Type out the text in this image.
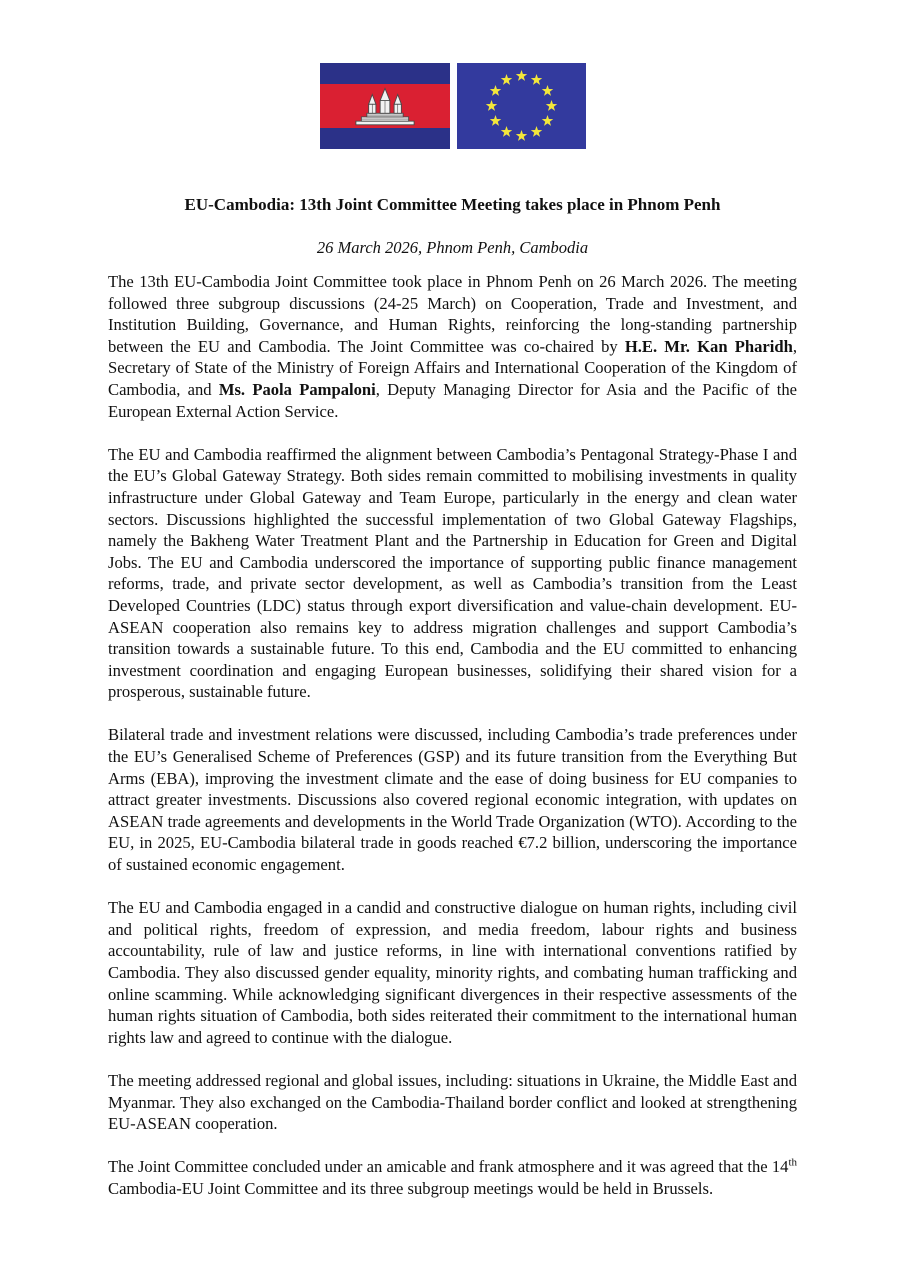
EU-Cambodia: 13th Joint Committee Meeting takes place in Phnom Penh
26 March 2026, Phnom Penh, Cambodia

The 13th EU-Cambodia Joint Committee took place in Phnom Penh on 26 March 2026. The meeting followed three subgroup discussions (24-25 March) on Cooperation, Trade and Investment, and Institution Building, Governance, and Human Rights, reinforcing the long-standing partnership between the EU and Cambodia. The Joint Committee was co-chaired by H.E. Mr. Kan Pharidh, Secretary of State of the Ministry of Foreign Affairs and International Cooperation of the Kingdom of Cambodia, and Ms. Paola Pampaloni, Deputy Managing Director for Asia and the Pacific of the European External Action Service.

The EU and Cambodia reaffirmed the alignment between Cambodia’s Pentagonal Strategy-Phase I and the EU’s Global Gateway Strategy. Both sides remain committed to mobilising investments in quality infrastructure under Global Gateway and Team Europe, particularly in the energy and clean water sectors. Discussions highlighted the successful implementation of two Global Gateway Flagships, namely the Bakheng Water Treatment Plant and the Partnership in Education for Green and Digital Jobs. The EU and Cambodia underscored the importance of supporting public finance management reforms, trade, and private sector development, as well as Cambodia’s transition from the Least Developed Countries (LDC) status through export diversification and value-chain development. EU-ASEAN cooperation also remains key to address migration challenges and support Cambodia’s transition towards a sustainable future. To this end, Cambodia and the EU committed to enhancing investment coordination and engaging European businesses, solidifying their shared vision for a prosperous, sustainable future.

Bilateral trade and investment relations were discussed, including Cambodia’s trade preferences under the EU’s Generalised Scheme of Preferences (GSP) and its future transition from the Everything But Arms (EBA), improving the investment climate and the ease of doing business for EU companies to attract greater investments. Discussions also covered regional economic integration, with updates on ASEAN trade agreements and developments in the World Trade Organization (WTO). According to the EU, in 2025, EU-Cambodia bilateral trade in goods reached €7.2 billion, underscoring the importance of sustained economic engagement.

The EU and Cambodia engaged in a candid and constructive dialogue on human rights, including civil and political rights, freedom of expression, and media freedom, labour rights and business accountability, rule of law and justice reforms, in line with international conventions ratified by Cambodia. They also discussed gender equality, minority rights, and combating human trafficking and online scamming. While acknowledging significant divergences in their respective assessments of the human rights situation of Cambodia, both sides reiterated their commitment to the international human rights law and agreed to continue with the dialogue.

The meeting addressed regional and global issues, including: situations in Ukraine, the Middle East and Myanmar. They also exchanged on the Cambodia-Thailand border conflict and looked at strengthening EU-ASEAN cooperation.

The Joint Committee concluded under an amicable and frank atmosphere and it was agreed that the 14th Cambodia-EU Joint Committee and its three subgroup meetings would be held in Brussels.
